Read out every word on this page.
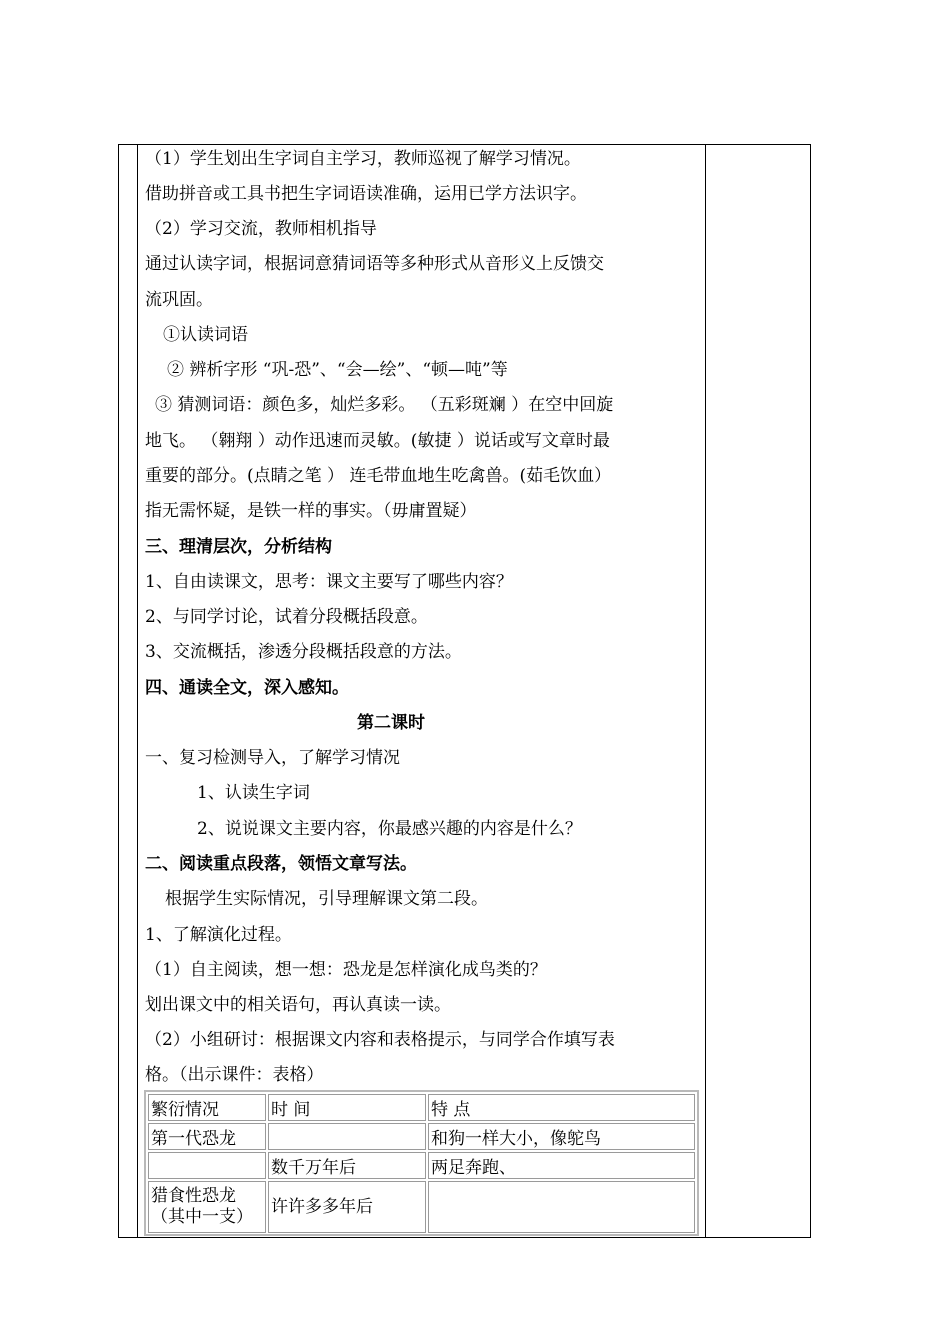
（1）学生划出生字词自主学习，教师巡视了解学习情况。
借助拼音或工具书把生字词语读准确，运用已学方法识字。
（2）学习交流，教师相机指导
通过认读字词，根据词意猜词语等多种形式从音形义上反馈交
流巩固。
①认读词语
② 辨析字形 “巩-恐”、“会—绘”、“顿—吨”等
③ 猜测词语：颜色多，灿烂多彩。 （五彩斑斓 ）在空中回旋
地飞。 （翱翔 ）动作迅速而灵敏。(敏捷 ）说话或写文章时最
重要的部分。(点睛之笔 ） 连毛带血地生吃禽兽。(茹毛饮血）
指无需怀疑，是铁一样的事实。（毋庸置疑）
三、理清层次，分析结构
1、自由读课文，思考：课文主要写了哪些内容？
2、与同学讨论，试着分段概括段意。
3、交流概括，渗透分段概括段意的方法。
四、通读全文，深入感知。
第二课时
一、复习检测导入，了解学习情况
1、认读生字词
2、说说课文主要内容，你最感兴趣的内容是什么？
二、阅读重点段落，领悟文章写法。
根据学生实际情况，引导理解课文第二段。
1、了解演化过程。
（1）自主阅读，想一想：恐龙是怎样演化成鸟类的？
划出课文中的相关语句，再认真读一读。
（2）小组研讨：根据课文内容和表格提示，与同学合作填写表
格。（出示课件：表格）
繁衍情况	时 间	特 点
第一代恐龙		和狗一样大小，像鸵鸟
	数千万年后	两足奔跑、
猎食性恐龙
（其中一支）	许许多多年后	
